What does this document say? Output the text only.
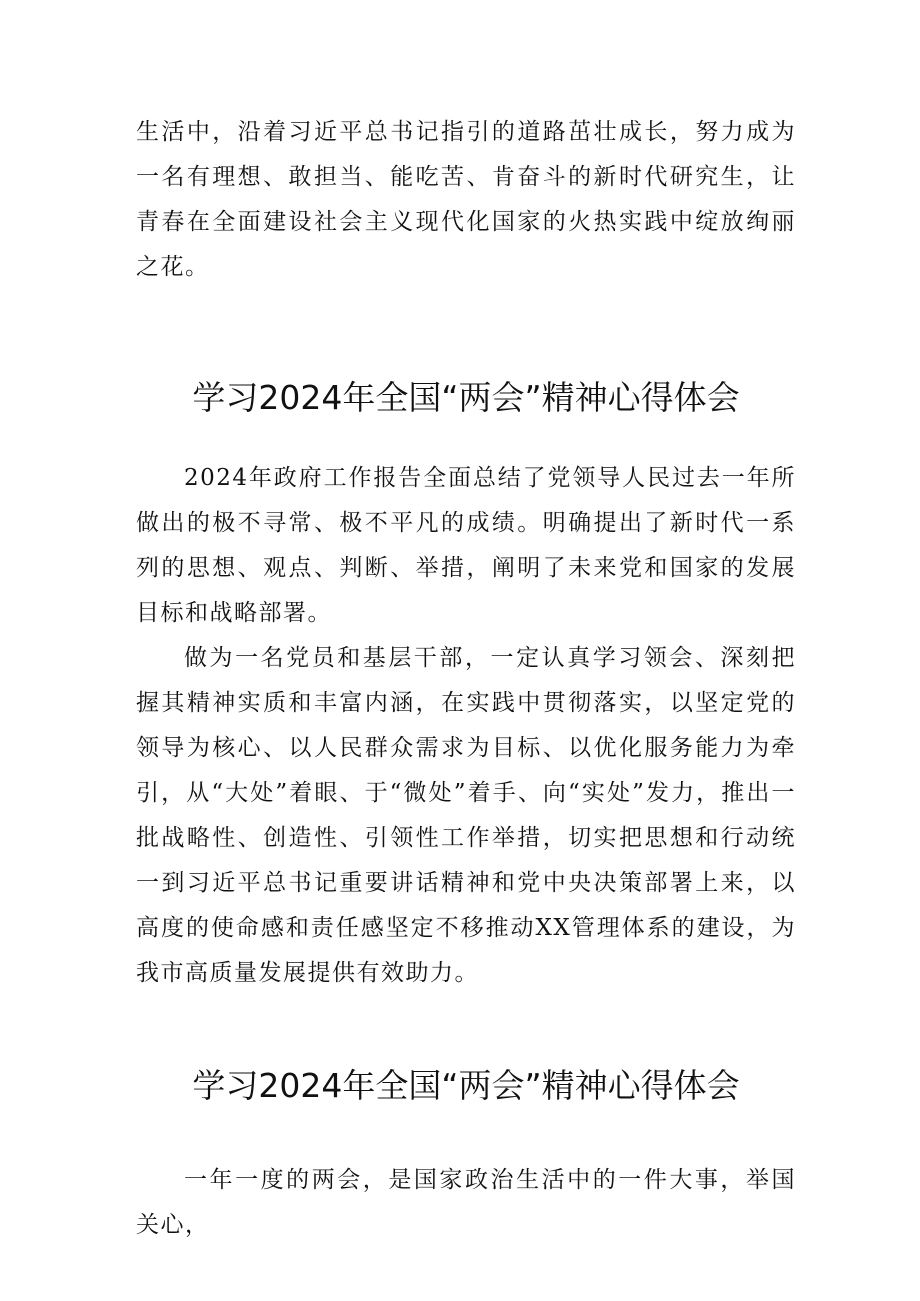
生活中，沿着习近平总书记指引的道路茁壮成长，努力成为一名有理想、敢担当、能吃苦、肯奋斗的新时代研究生，让青春在全面建设社会主义现代化国家的火热实践中绽放绚丽之花。

学习2024年全国“两会”精神心得体会

2024年政府工作报告全面总结了党领导人民过去一年所做出的极不寻常、极不平凡的成绩。明确提出了新时代一系列的思想、观点、判断、举措，阐明了未来党和国家的发展目标和战略部署。

做为一名党员和基层干部，一定认真学习领会、深刻把握其精神实质和丰富内涵，在实践中贯彻落实，以坚定党的领导为核心、以人民群众需求为目标、以优化服务能力为牵引，从“大处”着眼、于“微处”着手、向“实处”发力，推出一批战略性、创造性、引领性工作举措，切实把思想和行动统一到习近平总书记重要讲话精神和党中央决策部署上来，以高度的使命感和责任感坚定不移推动XX管理体系的建设，为我市高质量发展提供有效助力。

学习2024年全国“两会”精神心得体会

一年一度的两会，是国家政治生活中的一件大事，举国关心，
